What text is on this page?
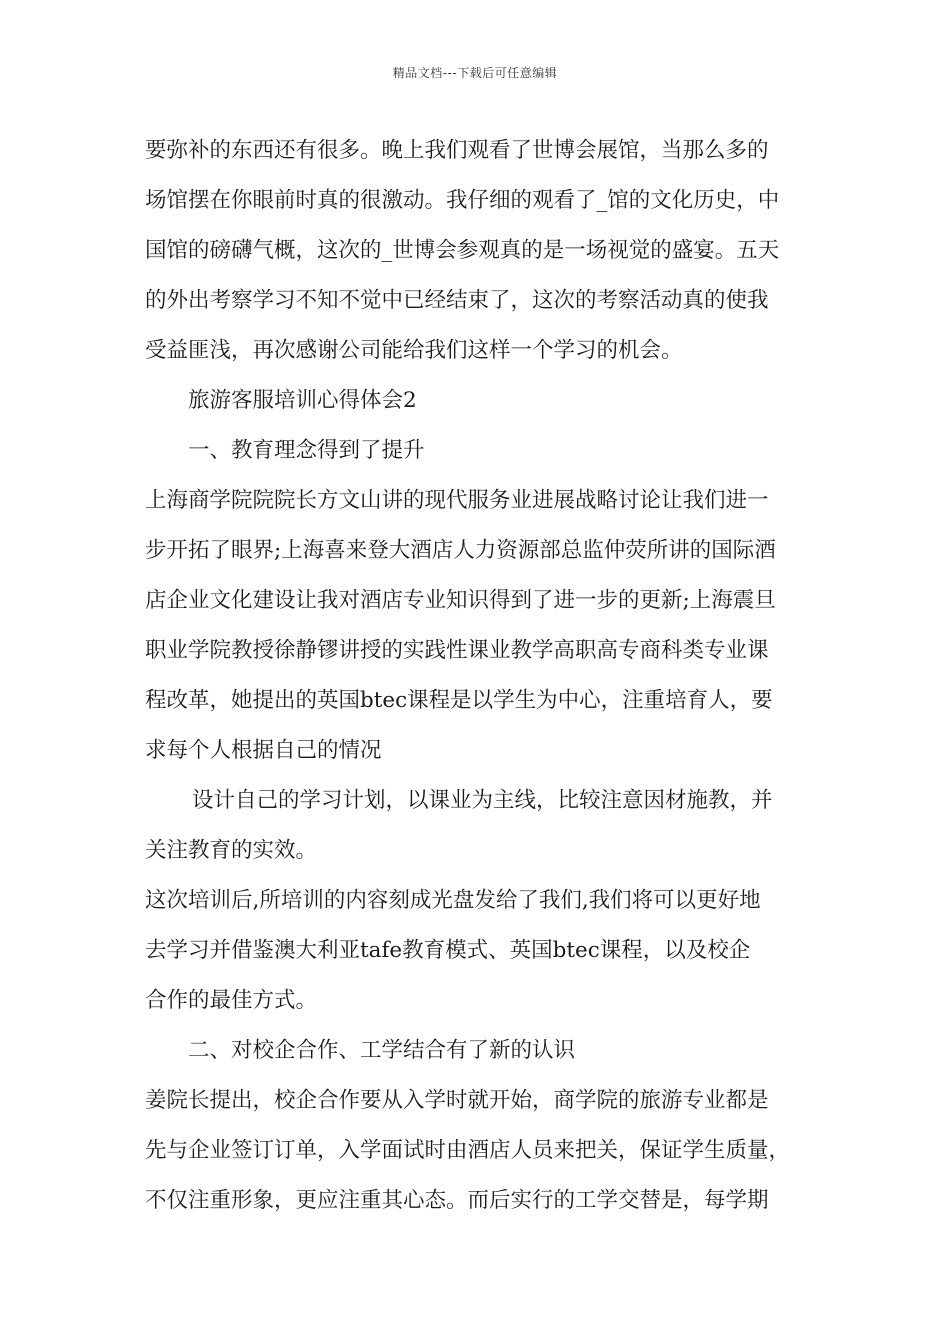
精品文档---下载后可任意编辑
要弥补的东西还有很多。晚上我们观看了世博会展馆，当那么多的
场馆摆在你眼前时真的很激动。我仔细的观看了_馆的文化历史，中
国馆的磅礴气概，这次的_世博会参观真的是一场视觉的盛宴。五天
的外出考察学习不知不觉中已经结束了，这次的考察活动真的使我
受益匪浅，再次感谢公司能给我们这样一个学习的机会。
旅游客服培训心得体会2
一、教育理念得到了提升
上海商学院院院长方文山讲的现代服务业进展战略讨论让我们进一
步开拓了眼界;上海喜来登大酒店人力资源部总监仲荧所讲的国际酒
店企业文化建设让我对酒店专业知识得到了进一步的更新;上海震旦
职业学院教授徐静镠讲授的实践性课业教学高职高专商科类专业课
程改革，她提出的英国btec课程是以学生为中心，注重培育人，要
求每个人根据自己的情况
设计自己的学习计划，以课业为主线，比较注意因材施教，并
关注教育的实效。
这次培训后,所培训的内容刻成光盘发给了我们,我们将可以更好地
去学习并借鉴澳大利亚tafe教育模式、英国btec课程，以及校企
合作的最佳方式。
二、对校企合作、工学结合有了新的认识
姜院长提出，校企合作要从入学时就开始，商学院的旅游专业都是
先与企业签订订单，入学面试时由酒店人员来把关，保证学生质量，
不仅注重形象，更应注重其心态。而后实行的工学交替是，每学期
